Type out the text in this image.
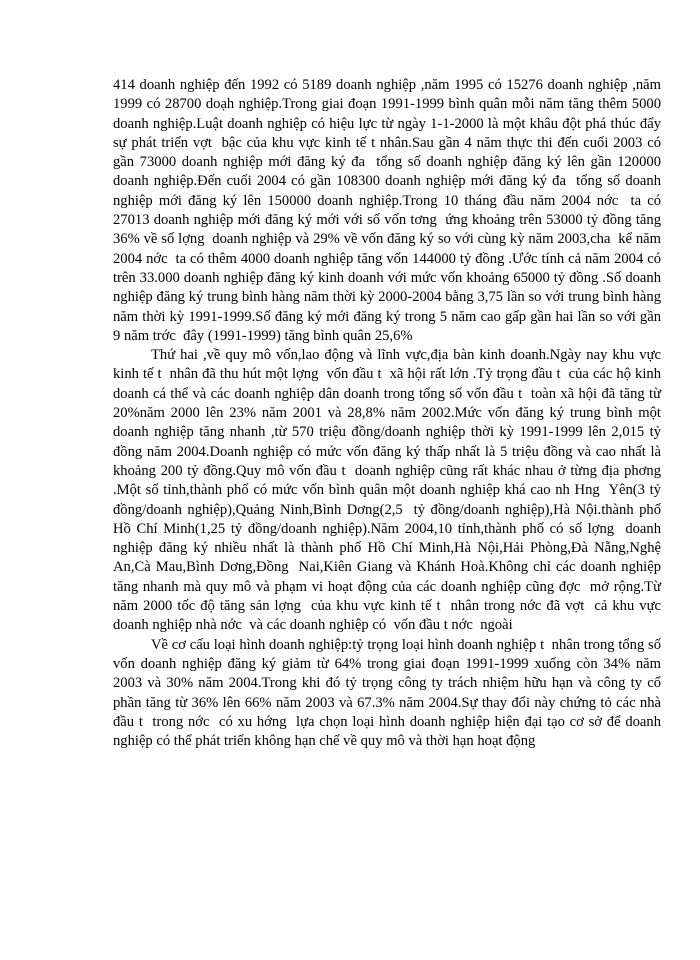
414 doanh nghiệp đến 1992 có 5189 doanh nghiệp ,năm 1995 có 15276 doanh nghiệp ,năm 1999 có 28700 doạh nghiệp.Trong giai đoạn 1991-1999 bình quân mỗi năm tăng thêm 5000 doanh nghiệp.Luật doanh nghiệp có hiệu lực từ ngày 1-1-2000 là một khâu đột phá thúc đẩy sự phát triển vợt  bậc của khu vực kinh tế t nhân.Sau gần 4 năm thực thi đến cuối 2003 có gần 73000 doanh nghiệp mới đăng ký đa  tổng số doanh nghiệp đăng ký lên gần 120000 doanh nghiệp.Đến cuối 2004 có gần 108300 doanh nghiệp mới đăng ký đa  tổng số doanh nghiệp mới đăng ký lên 150000 doanh nghiệp.Trong 10 tháng đầu năm 2004 nớc  ta có 27013 doanh nghiệp mới đăng ký mới với số vốn tơng  ứng khoảng trên 53000 tỷ đồng tăng 36% về số lợng  doanh nghiệp và 29% về vốn đăng ký so với cùng kỳ năm 2003,cha  kể năm 2004 nớc  ta có thêm 4000 doanh nghiệp tăng vốn 144000 tỷ đồng .Ước tính cả năm 2004 có trên 33.000 doanh nghiệp đăng ký kinh doanh với mức vốn khoảng 65000 tỷ đồng .Số doanh nghiệp đăng ký trung bình hàng năm thời kỳ 2000-2004 bằng 3,75 lần so với trung bình hàng năm thời kỳ 1991-1999.Số đăng ký mới đăng ký trong 5 năm cao gấp gần hai lần so với gần 9 năm trớc  đây (1991-1999) tăng bình quân 25,6%

Thứ hai ,về quy mô vốn,lao động và lĩnh vực,địa bàn kinh doanh.Ngày nay khu vực kinh tế t  nhân đã thu hút một lợng  vốn đầu t  xã hội rất lớn .Tỷ trọng đầu t  của các hộ kinh doanh cá thể và các doanh nghiệp dân doanh trong tổng số vốn đầu t  toàn xã hội đã tăng từ 20%năm 2000 lên 23% năm 2001 và 28,8% năm 2002.Mức vốn đăng ký trung bình một doanh nghiệp tăng nhanh ,từ 570 triệu đồng/doanh nghiệp thời kỳ 1991-1999 lên 2,015 tỷ đồng năm 2004.Doanh nghiệp có mức vốn đăng ký thấp nhất là 5 triệu đồng và cao nhất là khoảng 200 tỷ đồng.Quy mô vốn đầu t  doanh nghiệp cũng rất khác nhau ở từng địa phơng .Một số tỉnh,thành phố có mức vốn bình quân một doanh nghiệp khá cao nh Hng  Yên(3 tỷ đồng/doanh nghiệp),Quảng Ninh,Bình Dơng(2,5  tỷ đồng/doanh nghiệp),Hà Nội.thành phố Hồ Chí Minh(1,25 tỷ đồng/doanh nghiệp).Năm 2004,10 tỉnh,thành phố có số lợng  doanh nghiệp đăng ký nhiều nhất là thành phố Hồ Chí Minh,Hà Nội,Hải Phòng,Đà Nẵng,Nghệ An,Cà Mau,Bình Dơng,Đồng  Nai,Kiên Giang và Khánh Hoà.Không chỉ các doanh nghiệp tăng nhanh mà quy mô và phạm vi hoạt động của các doanh nghiệp cũng đợc  mở rộng.Từ năm 2000 tốc độ tăng sản lợng  của khu vực kinh tế t  nhân trong nớc đã vợt  cả khu vực doanh nghiệp nhà nớc  và các doanh nghiệp có  vốn đầu t nớc  ngoài

Về cơ cấu loại hình doanh nghiệp:tỷ trọng loại hình doanh nghiệp t  nhân trong tổng số vốn doanh nghiệp đăng ký giảm từ 64% trong giai đoạn 1991-1999 xuống còn 34% năm 2003 và 30% năm 2004.Trong khi đó tỷ trọng công ty trách nhiệm hữu hạn và công ty cổ phần tăng từ 36% lên 66% năm 2003 và 67.3% năm 2004.Sự thay đổi này chứng tỏ các nhà đầu t  trong nớc  có xu hớng  lựa chọn loại hình doanh nghiệp hiện đại tạo cơ sở để doanh nghiệp có thể phát triển không hạn chế về quy mô và thời hạn hoạt động
